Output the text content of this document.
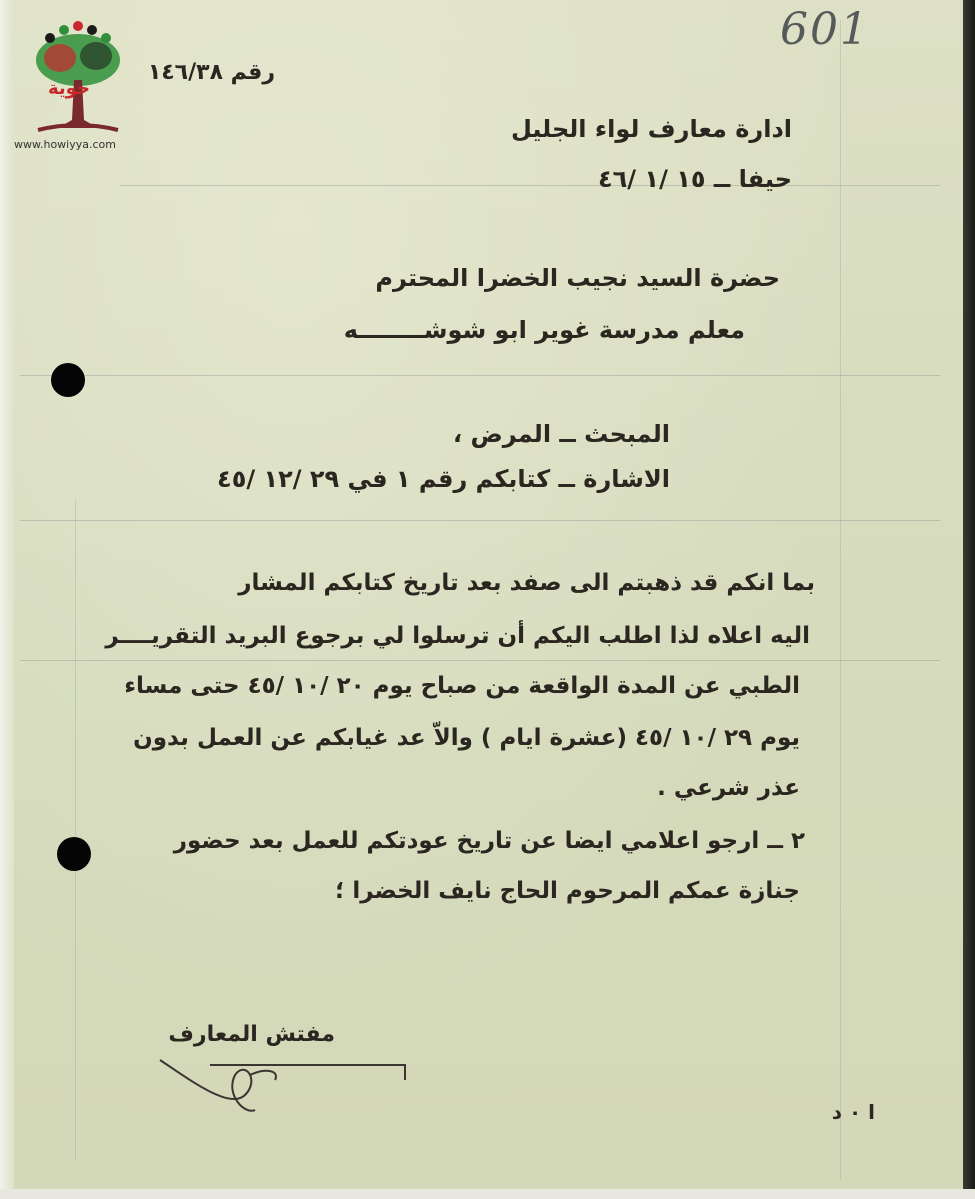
حوية
www.howiyya.com
601
رقم ١٤٦/٣٨
ادارة معارف لواء الجليل
حيفا ــ ١٥ /١ /٤٦
حضرة السيد نجيب الخضرا المحترم
معلم مدرسة غوير ابو شوشــــــــه
المبحث ــ المرض ،
الاشارة ــ كتابكم رقم ١ في ٢٩ /١٢ /٤٥
بما انكم قد ذهبتم الى صفد بعد تاريخ كتابكم المشار
اليه اعلاه لذا اطلب اليكم أن ترسلوا لي برجوع البريد التقريــــر
الطبي عن المدة الواقعة من صباح يوم ٢٠ /١٠ /٤٥ حتى مساء
يوم ٢٩ /١٠ /٤٥ (عشرة ايام ) والاّ عد غيابكم عن العمل بدون
عذر شرعي .
٢ ــ ارجو اعلامي ايضا عن تاريخ عودتكم للعمل بعد حضور
جنازة عمكم المرحوم الحاج نايف الخضرا ؛
مفتش المعارف
ا ٠ د
